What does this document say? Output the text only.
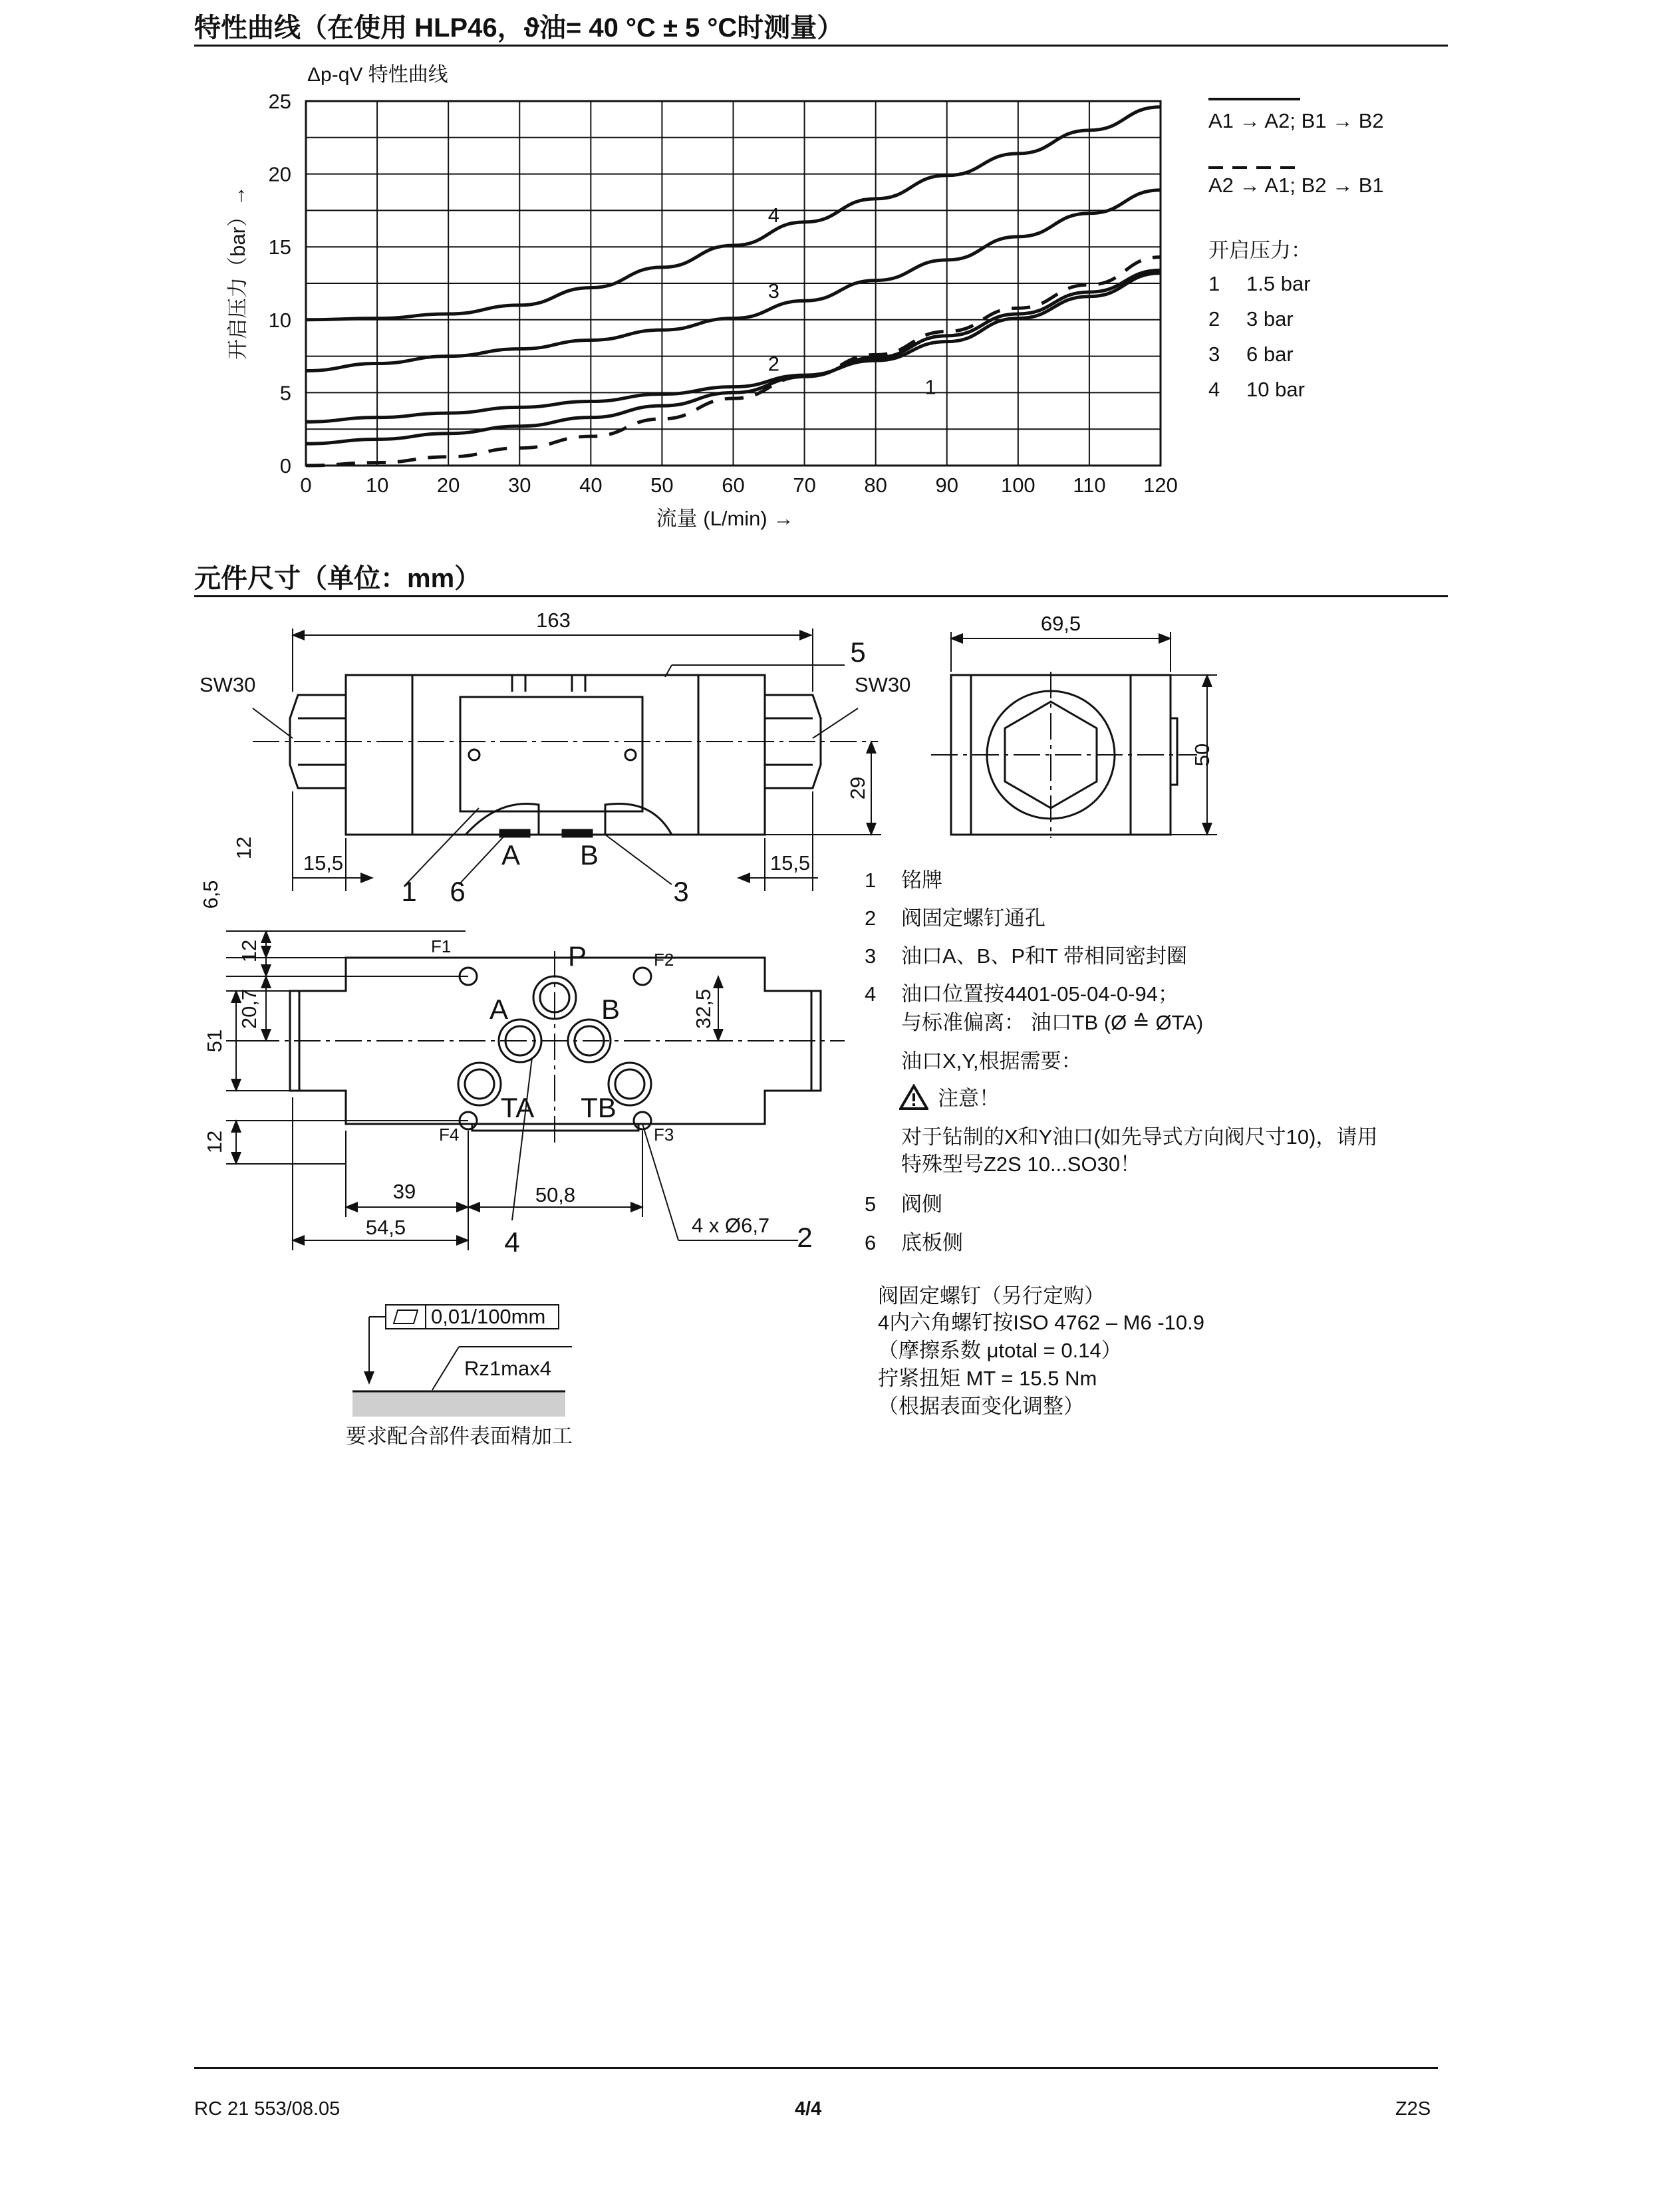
特性曲线（在使用 HLP46，ϑ油= 40 °C ± 5 °C时测量）
4
3
2
1
0	10 20 30 40 50 60 70 80 90 100 110 120
0
5
10
15
20
25
Δp-qV 特性曲线
流量 (L/min) →
开启压力（bar）→
A1 → A2; B1 → B2
A2 → A1; B2 → B1
开启压力：
1 1.5 bar
2 3 bar
3 6 bar
4 10 bar
元件尺寸（单位：mm）
163	69,5
50
29
12
15,5	15,5
6,5
12
20,7
51
12
32,5
39	50,8
54,5	4 x Ø6,7
SW30	SW30
F1
F2
F3
F4
要求配合部件表面精加工
0,01/100mm
Rz1max4
A B
P
A	B
TA TB
1 6	3
5
4	2
1 铭牌
2 阀固定螺钉通孔
3 油口A、B、P和T 带相同密封圈
4 油口位置按4401-05-04-0-94；
与标准偏离： 油口TB (Ø ≙ ØTA)
油口X,Y,根据需要：
注意！
对于钻制的X和Y油口(如先导式方向阀尺寸10)，请用
特殊型号Z2S 10...SO30！
5 阀侧
6 底板侧
阀固定螺钉（另行定购）
4内六角螺钉按ISO 4762 – M6 -10.9
（摩擦系数 μtotal = 0.14）
拧紧扭矩 MT = 15.5 Nm
（根据表面变化调整）
RC 21 553/08.05	4/4	Z2S
